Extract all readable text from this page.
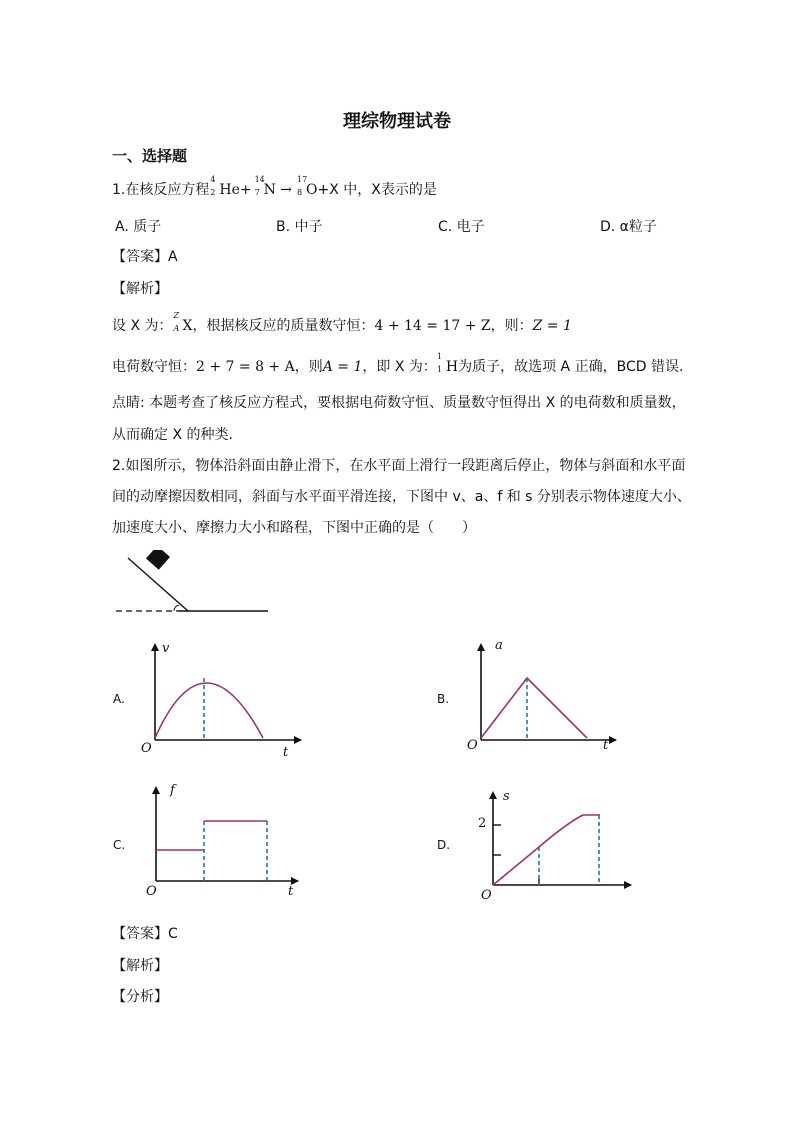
理综物理试卷
一、选择题
1.在核反应方程
4
2 He+
14
7 N →
17
8 O+X 中，X表示的是
A. 质子	B. 中子	C. 电子	D. α粒子
【答案】A
【解析】
设 X 为：
Z
A X，根据核反应的质量数守恒：4 + 14 = 17 + Z，则：Z = 1
电荷数守恒：2 + 7 = 8 + A，则A = 1，即 X 为：
1
1 H为质子，故选项 A 正确，BCD 错误.
点睛: 本题考查了核反应方程式，要根据电荷数守恒、质量数守恒得出 X 的电荷数和质量数，
从而确定 X 的种类.
2.如图所示，物体沿斜面由静止滑下，在水平面上滑行一段距离后停止，物体与斜面和水平面
间的动摩擦因数相同，斜面与水平面平滑连接，下图中 v、a、f 和 s 分别表示物体速度大小、
加速度大小、摩擦力大小和路程，下图中正确的是（　　）
A.
v
t
O
B.
a
t
O
C.
f
t
O
D.
s
2
O
【答案】C
【解析】
【分析】
